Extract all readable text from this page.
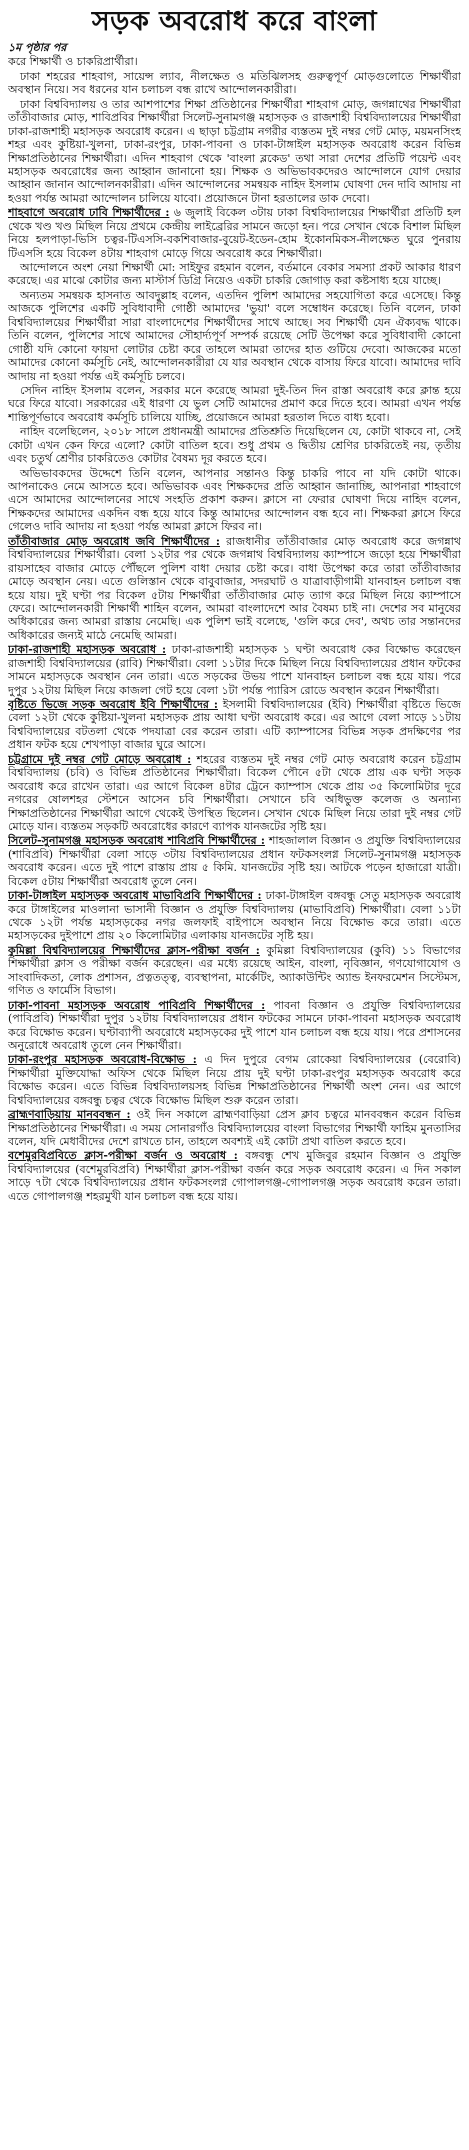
সড়ক অবরোধ করে বাংলা

১ম পৃষ্ঠার পর

করে শিক্ষার্থী ও চাকরিপ্রার্থীরা।

ঢাকা শহরের শাহবাগ, সায়েন্স ল্যাব, নীলক্ষেত ও মতিঝিলসহ গুরুত্বপূর্ণ মোড়গুলোতে শিক্ষার্থীরা অবস্থান নিয়ে। সব ধরনের যান চলাচল বন্ধ রাখে আন্দোলনকারীরা।

ঢাকা বিশ্ববিদ্যালয় ও তার আশপাশের শিক্ষা প্রতিষ্ঠানের শিক্ষার্থীরা শাহবাগ মোড়, জগন্নাথের শিক্ষার্থীরা তাঁতীবাজার মোড়, শাবিপ্রবির শিক্ষার্থীরা সিলেট-সুনামগঞ্জ মহাসড়ক ও রাজশাহী বিশ্ববিদ্যালয়ের শিক্ষার্থীরা ঢাকা-রাজশাহী মহাসড়ক অবরোধ করেন। এ ছাড়া চট্টগ্রাম নগরীর ব্যস্ততম দুই নম্বর গেট মোড়, ময়মনসিংহ শহর এবং কুষ্টিয়া-খুলনা, ঢাকা-রংপুর, ঢাকা-পাবনা ও ঢাকা-টাঙ্গাইল মহাসড়ক অবরোধ করেন বিভিন্ন শিক্ষাপ্রতিষ্ঠানের শিক্ষার্থীরা। এদিন শাহবাগ থেকে 'বাংলা ব্লকেড' তথা সারা দেশের প্রতিটি পয়েন্ট এবং মহাসড়ক অবরোধের জন্য আহ্বান জানানো হয়। শিক্ষক ও অভিভাবকদেরও আন্দোলনে যোগ দেয়ার আহ্বান জানান আন্দোলনকারীরা। এদিন আন্দোলনের সমন্বয়ক নাহিদ ইসলাম ঘোষণা দেন দাবি আদায় না হওয়া পর্যন্ত আমরা আন্দোলন চালিয়ে যাবো। প্রয়োজনে টানা হরতালের ডাক দেবো।

শাহবাগে অবরোধ ঢাবি শিক্ষার্থীদের : ৬ জুলাই বিকেল ৩টায় ঢাকা বিশ্ববিদ্যালয়ের শিক্ষার্থীরা প্রতিটি হল থেকে খণ্ড খণ্ড মিছিল নিয়ে প্রথমে কেন্দ্রীয় লাইব্রেরির সামনে জড়ো হন। পরে সেখান থেকে বিশাল মিছিল নিয়ে হলপাড়া-ভিসি চত্বর-টিএসসি-বকশিবাজার-বুয়েট-ইডেন-হোম ইকোনমিকস-নীলক্ষেত ঘুরে পুনরায় টিএসসি হয়ে বিকেল ৪টায় শাহবাগ মোড়ে গিয়ে অবরোধ করে শিক্ষার্থীরা।

আন্দোলনে অংশ নেয়া শিক্ষার্থী মো: সাইফুর রহমান বলেন, বর্তমানে বেকার সমস্যা প্রকট আকার ধারণ করেছে। এর মাঝে কোটার জন্য মাস্টার্স ডিগ্রি নিয়েও একটা চাকরি জোগাড় করা কষ্টসাধ্য হয়ে যাচ্ছে।

অন্যতম সমন্বয়ক হাসনাত আবদুল্লাহ বলেন, এতদিন পুলিশ আমাদের সহযোগিতা করে এসেছে। কিন্তু আজকে পুলিশের একটি সুবিধাবাদী গোষ্ঠী আমাদের 'ভুয়া' বলে সম্বোধন করেছে। তিনি বলেন, ঢাকা বিশ্ববিদ্যালয়ের শিক্ষার্থীরা সারা বাংলাদেশের শিক্ষার্থীদের সাথে আছে। সব শিক্ষার্থী যেন ঐক্যবদ্ধ থাকে। তিনি বলেন, পুলিশের সাথে আমাদের সৌহার্দ্যপূর্ণ সম্পর্ক রয়েছে সেটি উপেক্ষা করে সুবিধাবাদী কোনো গোষ্ঠী যদি কোনো ফায়দা লোটার চেষ্টা করে তাহলে আমরা তাদের হাত গুটিয়ে দেবো। আজকের মতো আমাদের কোনো কর্মসূচি নেই, আন্দোলনকারীরা যে যার অবস্থান থেকে বাসায় ফিরে যাবো। আমাদের দাবি আদায় না হওয়া পর্যন্ত এই কর্মসূচি চলবে।

সেদিন নাহিদ ইসলাম বলেন, সরকার মনে করেছে আমরা দুই-তিন দিন রাস্তা অবরোধ করে ক্লান্ত হয়ে ঘরে ফিরে যাবো। সরকারের এই ধারণা যে ভুল সেটি আমাদের প্রমাণ করে দিতে হবে। আমরা এখন পর্যন্ত শান্তিপূর্ণভাবে অবরোধ কর্মসূচি চালিয়ে যাচ্ছি, প্রয়োজনে আমরা হরতাল দিতে বাধ্য হবো।

নাহিদ বলেছিলেন, ২০১৮ সালে প্রধানমন্ত্রী আমাদের প্রতিশ্রুতি দিয়েছিলেন যে, কোটা থাকবে না, সেই কোটা এখন কেন ফিরে এলো? কোটা বাতিল হবে। শুধু প্রথম ও দ্বিতীয় শ্রেণির চাকরিতেই নয়, তৃতীয় এবং চতুর্থ শ্রেণীর চাকরিতেও কোটার বৈষম্য দূর করতে হবে।

অভিভাবকদের উদ্দেশে তিনি বলেন, আপনার সন্তানও কিন্তু চাকরি পাবে না যদি কোটা থাকে। আপনাকেও নেমে আসতে হবে। অভিভাবক এবং শিক্ষকদের প্রতি আহ্বান জানাচ্ছি, আপনারা শাহবাগে এসে আমাদের আন্দোলনের সাথে সংহতি প্রকাশ করুন। ক্লাসে না ফেরার ঘোষণা দিয়ে নাহিদ বলেন, শিক্ষকদের আমাদের একদিন বন্ধ হয়ে যাবে কিন্তু আমাদের আন্দোলন বন্ধ হবে না। শিক্ষকরা ক্লাসে ফিরে গেলেও দাবি আদায় না হওয়া পর্যন্ত আমরা ক্লাসে ফিরব না।

তাঁতীবাজার মোড় অবরোধ জবি শিক্ষার্থীদের : রাজধানীর তাঁতীবাজার মোড় অবরোধ করে জগন্নাথ বিশ্ববিদ্যালয়ের শিক্ষার্থীরা। বেলা ১২টার পর থেকে জগন্নাথ বিশ্ববিদ্যালয় ক্যাম্পাসে জড়ো হয়ে শিক্ষার্থীরা রায়সাহেব বাজার মোড়ে পৌঁছলে পুলিশ বাধা দেয়ার চেষ্টা করে। বাধা উপেক্ষা করে তারা তাঁতীবাজার মোড়ে অবস্থান নেয়। এতে গুলিস্তান থেকে বাবুবাজার, সদরঘাট ও যাত্রাবাড়ীগামী যানবাহন চলাচল বন্ধ হয়ে যায়। দুই ঘণ্টা পর বিকেল ৫টায় শিক্ষার্থীরা তাঁতীবাজার মোড় ত্যাগ করে মিছিল নিয়ে ক্যাম্পাসে ফেরে। আন্দোলনকারী শিক্ষার্থী শাহিন বলেন, আমরা বাংলাদেশে আর বৈষম্য চাই না। দেশের সব মানুষের অধিকারের জন্য আমরা রাস্তায় নেমেছি। এক পুলিশ ভাই বলেছে, 'গুলি করে দেব', অথচ তার সন্তানদের অধিকারের জন্যই মাঠে নেমেছি আমরা।

ঢাকা-রাজশাহী মহাসড়ক অবরোধ : ঢাকা-রাজশাহী মহাসড়ক ১ ঘণ্টা অবরোধ কের বিক্ষোভ করেছেন রাজশাহী বিশ্ববিদ্যালয়ের (রাবি) শিক্ষার্থীরা। বেলা ১১টার দিকে মিছিল নিয়ে বিশ্ববিদ্যালয়ের প্রধান ফটকের সামনে মহাসড়কে অবস্থান নেন তারা। এতে সড়কের উভয় পাশে যানবাহন চলাচল বন্ধ হয়ে যায়। পরে দুপুর ১২টায় মিছিল নিয়ে কাজলা গেট হয়ে বেলা ১টা পর্যন্ত প্যারিস রোডে অবস্থান করেন শিক্ষার্থীরা।

বৃষ্টিতে ভিজে সড়ক অবরোধ ইবি শিক্ষার্থীদের : ইসলামী বিশ্ববিদ্যালয়ের (ইবি) শিক্ষার্থীরা বৃষ্টিতে ভিজে বেলা ১২টা থেকে কুষ্টিয়া-খুলনা মহাসড়ক প্রায় আধা ঘণ্টা অবরোধ করে। এর আগে বেলা সাড়ে ১১টায় বিশ্ববিদ্যালয়ের বটতলা থেকে পদযাত্রা বের করেন তারা। এটি ক্যাম্পাসের বিভিন্ন সড়ক প্রদক্ষিণের পর প্রধান ফটক হয়ে শেখপাড়া বাজার ঘুরে আসে।

চট্টগ্রামে দুই নম্বর গেট মোড়ে অবরোধ : শহরের ব্যস্ততম দুই নম্বর গেট মোড় অবরোধ করেন চট্টগ্রাম বিশ্ববিদ্যালয় (চবি) ও বিভিন্ন প্রতিষ্ঠানের শিক্ষার্থীরা। বিকেল পৌনে ৫টা থেকে প্রায় এক ঘণ্টা সড়ক অবরোধ করে রাখেন তারা। এর আগে বিকেল ৪টার ট্রেনে ক্যাম্পাস থেকে প্রায় ৩৫ কিলোমিটার দূরে নগরের ষোলশহর স্টেশনে আসেন চবি শিক্ষার্থীরা। সেখানে চবি অধিভুক্ত কলেজ ও অন্যান্য শিক্ষাপ্রতিষ্ঠানের শিক্ষার্থীরা আগে থেকেই উপস্থিত ছিলেন। সেখান থেকে মিছিল নিয়ে তারা দুই নম্বর গেট মোড়ে যান। ব্যস্ততম সড়কটি অবরোধের কারণে ব্যাপক যানজটের সৃষ্টি হয়।

সিলেট-সুনামগঞ্জ মহাসড়ক অবরোধ শাবিপ্রবি শিক্ষার্থীদের : শাহজালাল বিজ্ঞান ও প্রযুক্তি বিশ্ববিদ্যালয়ের (শাবিপ্রবি) শিক্ষার্থীরা বেলা সাড়ে ৩টায় বিশ্ববিদ্যালয়ের প্রধান ফটকসংলগ্ন সিলেট-সুনামগঞ্জ মহাসড়ক অবরোধ করেন। এতে দুই পাশে রাস্তায় প্রায় ৫ কিমি. যানজটের সৃষ্টি হয়। আটকে পড়েন হাজারো যাত্রী। বিকেল ৫টায় শিক্ষার্থীরা অবরোধ তুলে নেন।

ঢাকা-টাঙ্গাইল মহাসড়ক অবরোধ মাভাবিপ্রবি শিক্ষার্থীদের : ঢাকা-টাঙ্গাইল বঙ্গবন্ধু সেতু মহাসড়ক অবরোধ করে টাঙ্গাইলের মাওলানা ভাসানী বিজ্ঞান ও প্রযুক্তি বিশ্ববিদ্যালয় (মাভাবিপ্রবি) শিক্ষার্থীরা। বেলা ১১টা থেকে ১২টা পর্যন্ত মহাসড়কের নগর জলফাই বাইপাসে অবস্থান নিয়ে বিক্ষোভ করে তারা। এতে মহাসড়কের দুইপাশে প্রায় ২০ কিলোমিটার এলাকায় যানজটের সৃষ্টি হয়।

কুমিল্লা বিশ্ববিদ্যালয়ের শিক্ষার্থীদের ক্লাস-পরীক্ষা বর্জন : কুমিল্লা বিশ্ববিদ্যালয়ের (কুবি) ১১ বিভাগের শিক্ষার্থীরা ক্লাস ও পরীক্ষা বর্জন করেছেন। এর মধ্যে রয়েছে আইন, বাংলা, নৃবিজ্ঞান, গণযোগাযোগ ও সাংবাদিকতা, লোক প্রশাসন, প্রত্নতত্ত্ব, ব্যবস্থাপনা, মার্কেটিং, অ্যাকাউন্টিং অ্যান্ড ইনফরমেশন সিস্টেমস, গণিত ও ফার্মেসি বিভাগ।

ঢাকা-পাবনা মহাসড়ক অবরোধ পাবিপ্রবি শিক্ষার্থীদের : পাবনা বিজ্ঞান ও প্রযুক্তি বিশ্ববিদ্যালয়ের (পাবিপ্রবি) শিক্ষার্থীরা দুপুর ১২টায় বিশ্ববিদ্যালয়ের প্রধান ফটকের সামনে ঢাকা-পাবনা মহাসড়ক অবরোধ করে বিক্ষোভ করেন। ঘণ্টাব্যাপী অবরোধে মহাসড়কের দুই পাশে যান চলাচল বন্ধ হয়ে যায়। পরে প্রশাসনের অনুরোধে অবরোধ তুলে নেন শিক্ষার্থীরা।

ঢাকা-রংপুর মহাসড়ক অবরোধ-বিক্ষোভ : এ দিন দুপুরে বেগম রোকেয়া বিশ্ববিদ্যালয়ের (বেরোবি) শিক্ষার্থীরা মুক্তিযোদ্ধা অফিস থেকে মিছিল নিয়ে প্রায় দুই ঘণ্টা ঢাকা-রংপুর মহাসড়ক অবরোধ করে বিক্ষোভ করেন। এতে বিভিন্ন বিশ্ববিদ্যালয়সহ বিভিন্ন শিক্ষাপ্রতিষ্ঠানের শিক্ষার্থী অংশ নেন। এর আগে বিশ্ববিদ্যালয়ের বঙ্গবন্ধু চত্বর থেকে বিক্ষোভ মিছিল শুরু করেন তারা।

ব্রাহ্মণবাড়িয়ায় মানববন্ধন : ওই দিন সকালে ব্রাহ্মণবাড়িয়া প্রেস ক্লাব চত্বরে মানববন্ধন করেন বিভিন্ন শিক্ষাপ্রতিষ্ঠানের শিক্ষার্থীরা। এ সময় সোনারগাঁও বিশ্ববিদ্যালয়ের বাংলা বিভাগের শিক্ষার্থী ফাহিম মুনতাসির বলেন, যদি মেধাবীদের দেশে রাখতে চান, তাহলে অবশ্যই এই কোটা প্রথা বাতিল করতে হবে।

বশেমুরবিপ্রবিতে ক্লাস-পরীক্ষা বর্জন ও অবরোধ : বঙ্গবন্ধু শেখ মুজিবুর রহমান বিজ্ঞান ও প্রযুক্তি বিশ্ববিদ্যালয়ের (বশেমুরবিপ্রবি) শিক্ষার্থীরা ক্লাস-পরীক্ষা বর্জন করে সড়ক অবরোধ করেন। এ দিন সকাল সাড়ে ৭টা থেকে বিশ্ববিদ্যালয়ের প্রধান ফটকসংলগ্ন গোপালগঞ্জ-গোপালগঞ্জ সড়ক অবরোধ করেন তারা। এতে গোপালগঞ্জ শহরমুখী যান চলাচল বন্ধ হয়ে যায়।
